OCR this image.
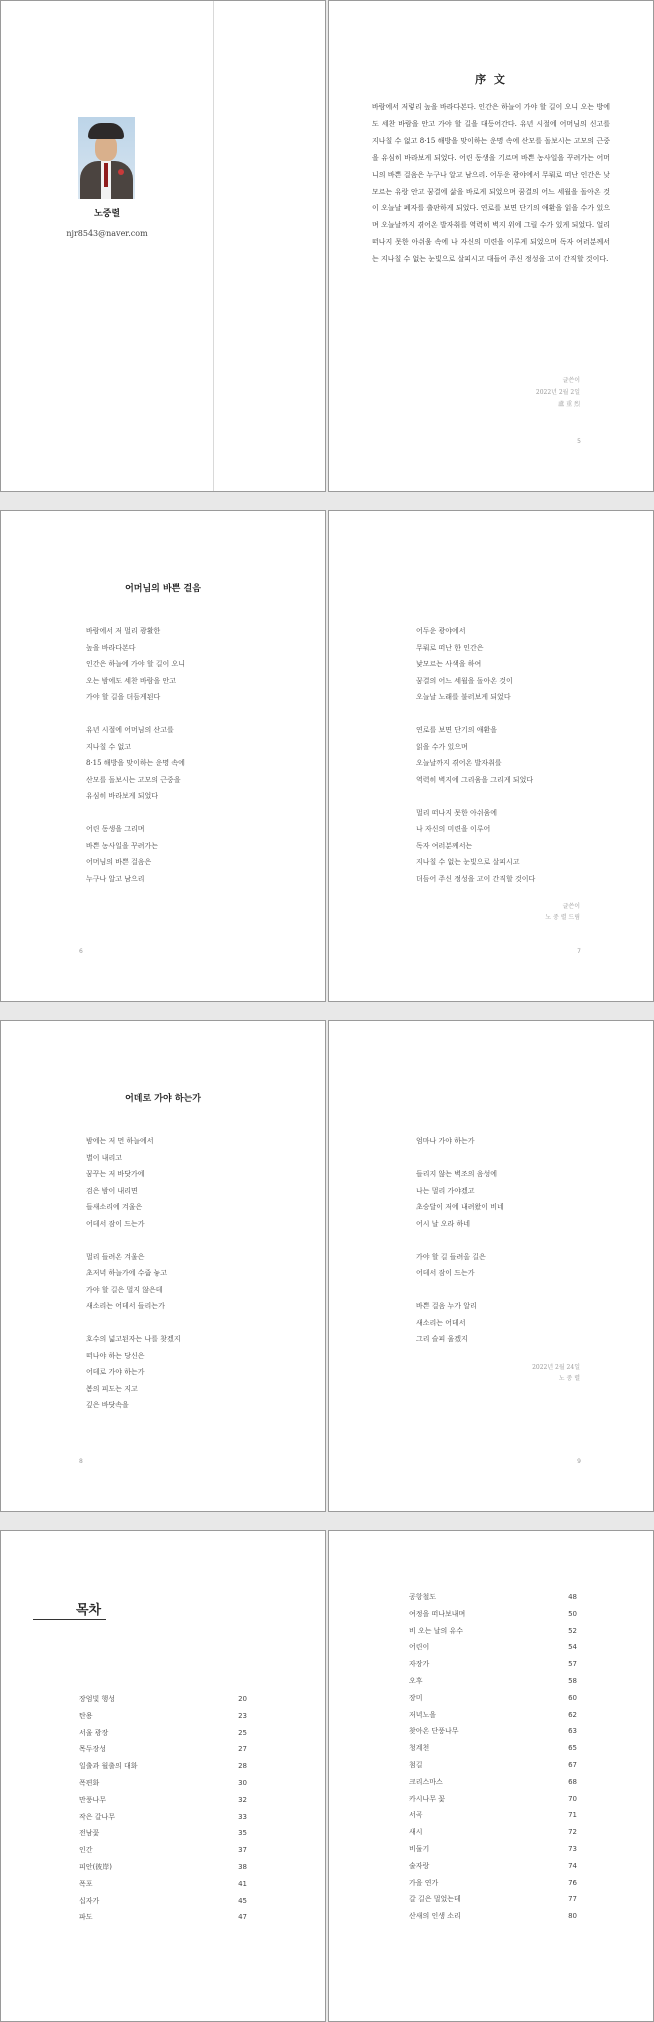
노중렬
njr8543@naver.com
序 文
바람에서 저렇리 높을 바라다본다. 인간은 하늘이 가야 할 길이 오니 오는 방에도 세찬 바람을 안고 가야 할 길을 대등어간다. 유년 시절에 어머님의 신고를 지나칠 수 없고 8·15 해방을 맞이하는 운명 속에 산모를 돌보시는 고모의 근중을 유심히 바라보게 되었다. 어린 동생을 기르며 바쁜 농사일을 꾸려가는 어머니의 바쁜 걸음은 누구나 알고 남으리. 어두운 광야에서 무뤄로 떠난 인간은 낮모르는 유랑 안고 꿈결에 삶을 바로게 되었으며 꿈결의 어느 세월을 돌아온 것이 오늘날 폐자를 출판하게 되었다. 연로를 보면 단기의 애환을 읽을 수가 있으며 오늘날까지 겪어온 발자취를 역력히 벽지 위에 그릴 수가 있게 되었다. 얼리 떠나지 못한 아쉬움 속에 나 자신의 미련을 이루게 되었으며 독자 여러분께서는 지나칠 수 없는 눈빛으로 살피시고 대들어 주신 정성을 고이 간직할 것이다.
글쓴이
2022년 2월 2일
盧 重 烈
5
어머님의 바쁜 걸음
바람에서 저 멀리 광활한
높을 바라다본다
인간은 하늘에 가야 할 길이 오니
오는 밤에도 세찬 바람을 안고
가야 할 길을 더듬게된다
유년 시절에 어머님의 산고를
지나칠 수 없고
8·15 해방을 맞이하는 운명 속에
산모를 돌보시는 고모의 근중을
유심히 바라보게 되었다
어린 동생을 그리며
바쁜 농사일을 꾸려가는
어머님의 바쁜 걸음은
누구나 알고 남으리
6
어두운 광야에서
무뤄로 떠난 한 인간은
낯모르는 사색을 하여
꿈결의 어느 세월을 돌아온 것이
오늘날 노래를 불러보게 되었다
연로를 보면 단기의 애환을
읽을 수가 있으며
오늘날까지 겪어온 발자취를
역력히 벽지에 그리움을 그리게 되었다
멀리 떠나지 못한 아쉬움에
나 자신의 미련을 이루어
독자 여러분께서는
지나칠 수 없는 눈빛으로 살피시고
더듬어 주신 정성을 고이 간직할 것이다
글쓴이
노 중 렬 드림
7
어데로 가야 하는가
밤에는 저 먼 하늘에서
별이 내리고
꿈꾸는 저 바닷가에
검은 밤이 내리면
들새소리에 겨울은
어데서 잠이 드는가
멀리 들려온 겨울은
초저녁 하늘가에 수줍 놓고
가야 할 길은 멀지 않은데
새소리는 어데서 들리는가
호수의 넓고된자는 나를 찾겠지
떠나야 하는 당신은
어데로 가야 하는가
봄의 피도는 지고
깊은 바닷속을
8
엄마나 가야 하는가
들리지 않는 벽조의 음성에
나는 멀리 가야겠고
초승달이 저에 내려왔이 비네
어시 날 오라 하네
가야 할 길 들려올 길은
어데서 잠이 드는가
바쁜 걸음 누가 알리
새소리는 어데서
그리 슬피 울겠지
2022년 2월 24일
노 중 렬
9
목차
장엄빛 행성	20
탄용	23
서울 광장	25
목두장성	27
일출과 월출의 대화	28
폭편화	30
만풍나무	32
작은 갈나무	33
전남꽃	35
인간	37
피안(彼岸)	38
폭포	41
십자가	45
파도	47
공항철도	48
여정을 떠나보내며	50
비 오는 날의 유수	52
어린이	54
자장가	57
오후	58
장미	60
저녁노을	62
찾아온 단풍나무	63
청계천	65
첨길	67
크리스마스	68
카시나무 꽃	70
서곡	71
새시	72
비둘기	73
술자랑	74
가을 연가	76
갈 길은 멀었는데	77
산새의 인생 소리	80
